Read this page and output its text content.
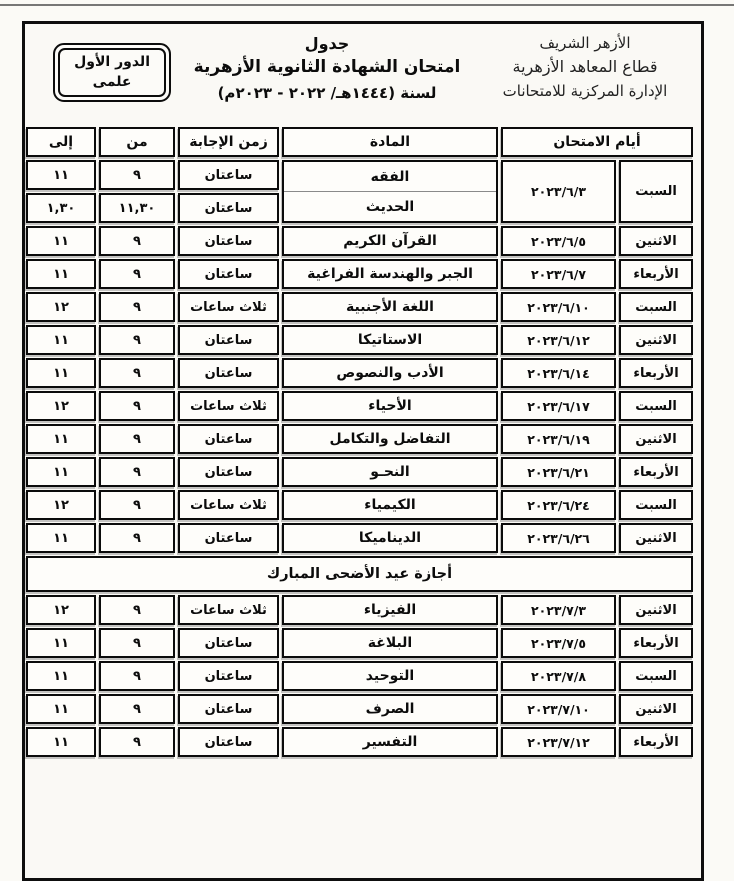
الأزهر الشريف
قطاع المعاهد الأزهرية
الإدارة المركزية للامتحانات
جدول
امتحان الشهادة الثانوية الأزهرية
لسنة (١٤٤٤هـ/ ٢٠٢٢ - ٢٠٢٣م)
الدور الأول
علمى
أيام الامتحان
المادة
زمن الإجابة
من
إلى
السبت
٢٠٢٣/٦/٣
الفقه
الحديث
ساعتان
٩
١١
ساعتان
١١,٣٠
١,٣٠
الاثنين
٢٠٢٣/٦/٥
القرآن الكريم
ساعتان
٩
١١
الأربعاء
٢٠٢٣/٦/٧
الجبر والهندسة الفراغية
ساعتان
٩
١١
السبت
٢٠٢٣/٦/١٠
اللغة الأجنبية
ثلاث ساعات
٩
١٢
الاثنين
٢٠٢٣/٦/١٢
الاستاتيكا
ساعتان
٩
١١
الأربعاء
٢٠٢٣/٦/١٤
الأدب والنصوص
ساعتان
٩
١١
السبت
٢٠٢٣/٦/١٧
الأحياء
ثلاث ساعات
٩
١٢
الاثنين
٢٠٢٣/٦/١٩
التفاضل والتكامل
ساعتان
٩
١١
الأربعاء
٢٠٢٣/٦/٢١
النحـو
ساعتان
٩
١١
السبت
٢٠٢٣/٦/٢٤
الكيمياء
ثلاث ساعات
٩
١٢
الاثنين
٢٠٢٣/٦/٢٦
الديناميكا
ساعتان
٩
١١
أجازة عيد الأضحى المبارك
الاثنين
٢٠٢٣/٧/٣
الفيزياء
ثلاث ساعات
٩
١٢
الأربعاء
٢٠٢٣/٧/٥
البلاغة
ساعتان
٩
١١
السبت
٢٠٢٣/٧/٨
التوحيد
ساعتان
٩
١١
الاثنين
٢٠٢٣/٧/١٠
الصرف
ساعتان
٩
١١
الأربعاء
٢٠٢٣/٧/١٢
التفسير
ساعتان
٩
١١
